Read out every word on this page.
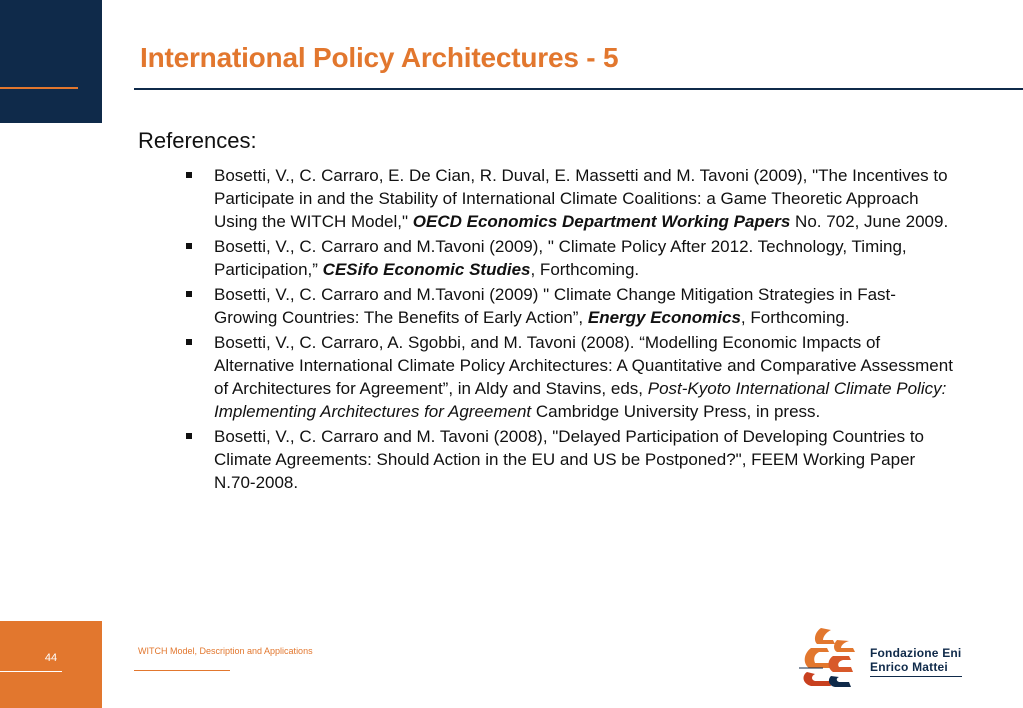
International Policy Architectures - 5
References:
Bosetti, V., C. Carraro, E. De Cian, R. Duval, E. Massetti and M. Tavoni (2009), "The Incentives to Participate in and the Stability of International Climate Coalitions: a Game Theoretic Approach Using the WITCH Model," OECD Economics Department Working Papers No. 702, June 2009.
Bosetti, V., C. Carraro and M.Tavoni (2009), " Climate Policy After 2012. Technology, Timing, Participation,” CESifo Economic Studies, Forthcoming.
Bosetti, V., C. Carraro and M.Tavoni (2009) " Climate Change Mitigation Strategies in Fast-Growing Countries: The Benefits of Early Action”, Energy Economics, Forthcoming.
Bosetti, V., C. Carraro, A. Sgobbi, and M. Tavoni (2008). “Modelling Economic Impacts of Alternative International Climate Policy Architectures: A Quantitative and Comparative Assessment of Architectures for Agreement”, in Aldy and Stavins, eds, Post-Kyoto International Climate Policy: Implementing Architectures for Agreement Cambridge University Press, in press.
Bosetti, V., C. Carraro and M. Tavoni (2008), "Delayed Participation of Developing Countries to Climate Agreements: Should Action in the EU and US be Postponed?", FEEM Working Paper N.70-2008.
44
WITCH Model, Description and Applications	Fondazione Eni
Enrico Mattei
